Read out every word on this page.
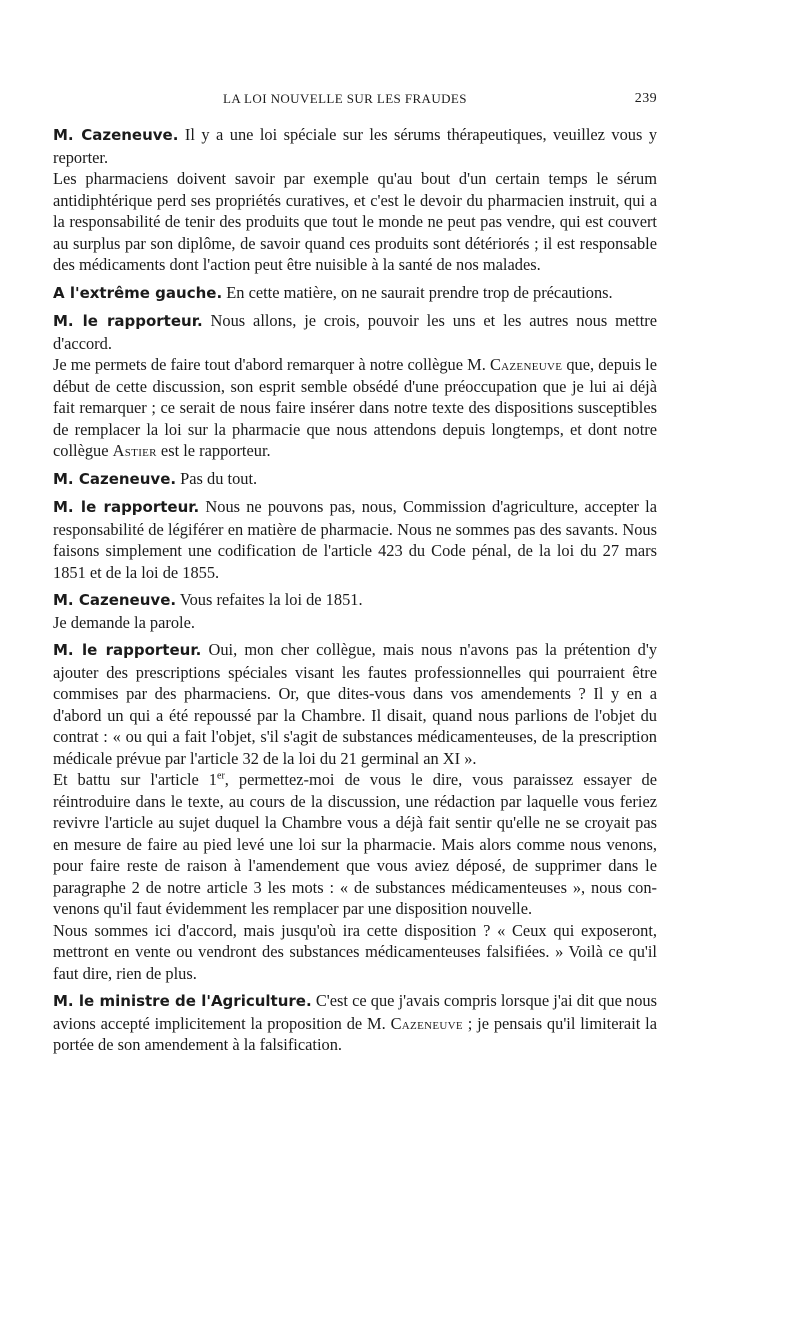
LA LOI NOUVELLE SUR LES FRAUDES	239

M. Cazeneuve. Il y a une loi spéciale sur les sérums thérapeutiques, veuillez vous y reporter.

Les pharmaciens doivent savoir par exemple qu'au bout d'un certain temps le sérum antidiphtérique perd ses propriétés curatives, et c'est le devoir du pharmacien instruit, qui a la responsabilité de tenir des produits que tout le monde ne peut pas vendre, qui est couvert au surplus par son diplôme, de savoir quand ces produits sont détériorés ; il est responsable des médicaments dont l'action peut être nuisible à la santé de nos malades.

A l'extrême gauche. En cette matière, on ne saurait prendre trop de précautions.

M. le rapporteur. Nous allons, je crois, pouvoir les uns et les autres nous mettre d'accord.

Je me permets de faire tout d'abord remarquer à notre collègue M. Cazeneuve que, depuis le début de cette discussion, son esprit semble obsédé d'une préoccupation que je lui ai déjà fait remarquer ; ce serait de nous faire insérer dans notre texte des dispositions susceptibles de remplacer la loi sur la pharmacie que nous attendons depuis longtemps, et dont notre collègue Astier est le rapporteur.

M. Cazeneuve. Pas du tout.

M. le rapporteur. Nous ne pouvons pas, nous, Commission d'agriculture, accepter la responsabilité de légiférer en matière de pharmacie. Nous ne sommes pas des savants. Nous faisons simplement une codification de l'article 423 du Code pénal, de la loi du 27 mars 1851 et de la loi de 1855.

M. Cazeneuve. Vous refaites la loi de 1851.

Je demande la parole.

M. le rapporteur. Oui, mon cher collègue, mais nous n'avons pas la prétention d'y ajouter des prescriptions spéciales visant les fautes professionnelles qui pourraient être commises par des pharmaciens. Or, que dites-vous dans vos amendements ? Il y en a d'abord un qui a été repoussé par la Chambre. Il disait, quand nous parlions de l'objet du contrat : « ou qui a fait l'objet, s'il s'agit de substances médicamenteuses, de la prescription médicale prévue par l'article 32 de la loi du 21 germinal an XI ».

Et battu sur l'article 1er, permettez-moi de vous le dire, vous paraissez essayer de réintroduire dans le texte, au cours de la discussion, une rédaction par laquelle vous feriez revivre l'article au sujet duquel la Chambre vous a déjà fait sentir qu'elle ne se croyait pas en mesure de faire au pied levé une loi sur la pharmacie. Mais alors comme nous venons, pour faire reste de raison à l'amendement que vous aviez déposé, de supprimer dans le paragraphe 2 de notre article 3 les mots : « de substances médicamenteuses », nous convenons qu'il faut évidemment les remplacer par une disposition nouvelle.

Nous sommes ici d'accord, mais jusqu'où ira cette disposition ? « Ceux qui exposeront, mettront en vente ou vendront des substances médicamenteuses falsifiées. » Voilà ce qu'il faut dire, rien de plus.

M. le ministre de l'Agriculture. C'est ce que j'avais compris lorsque j'ai dit que nous avions accepté implicitement la proposition de M. Cazeneuve ; je pensais qu'il limiterait la portée de son amendement à la falsification.
